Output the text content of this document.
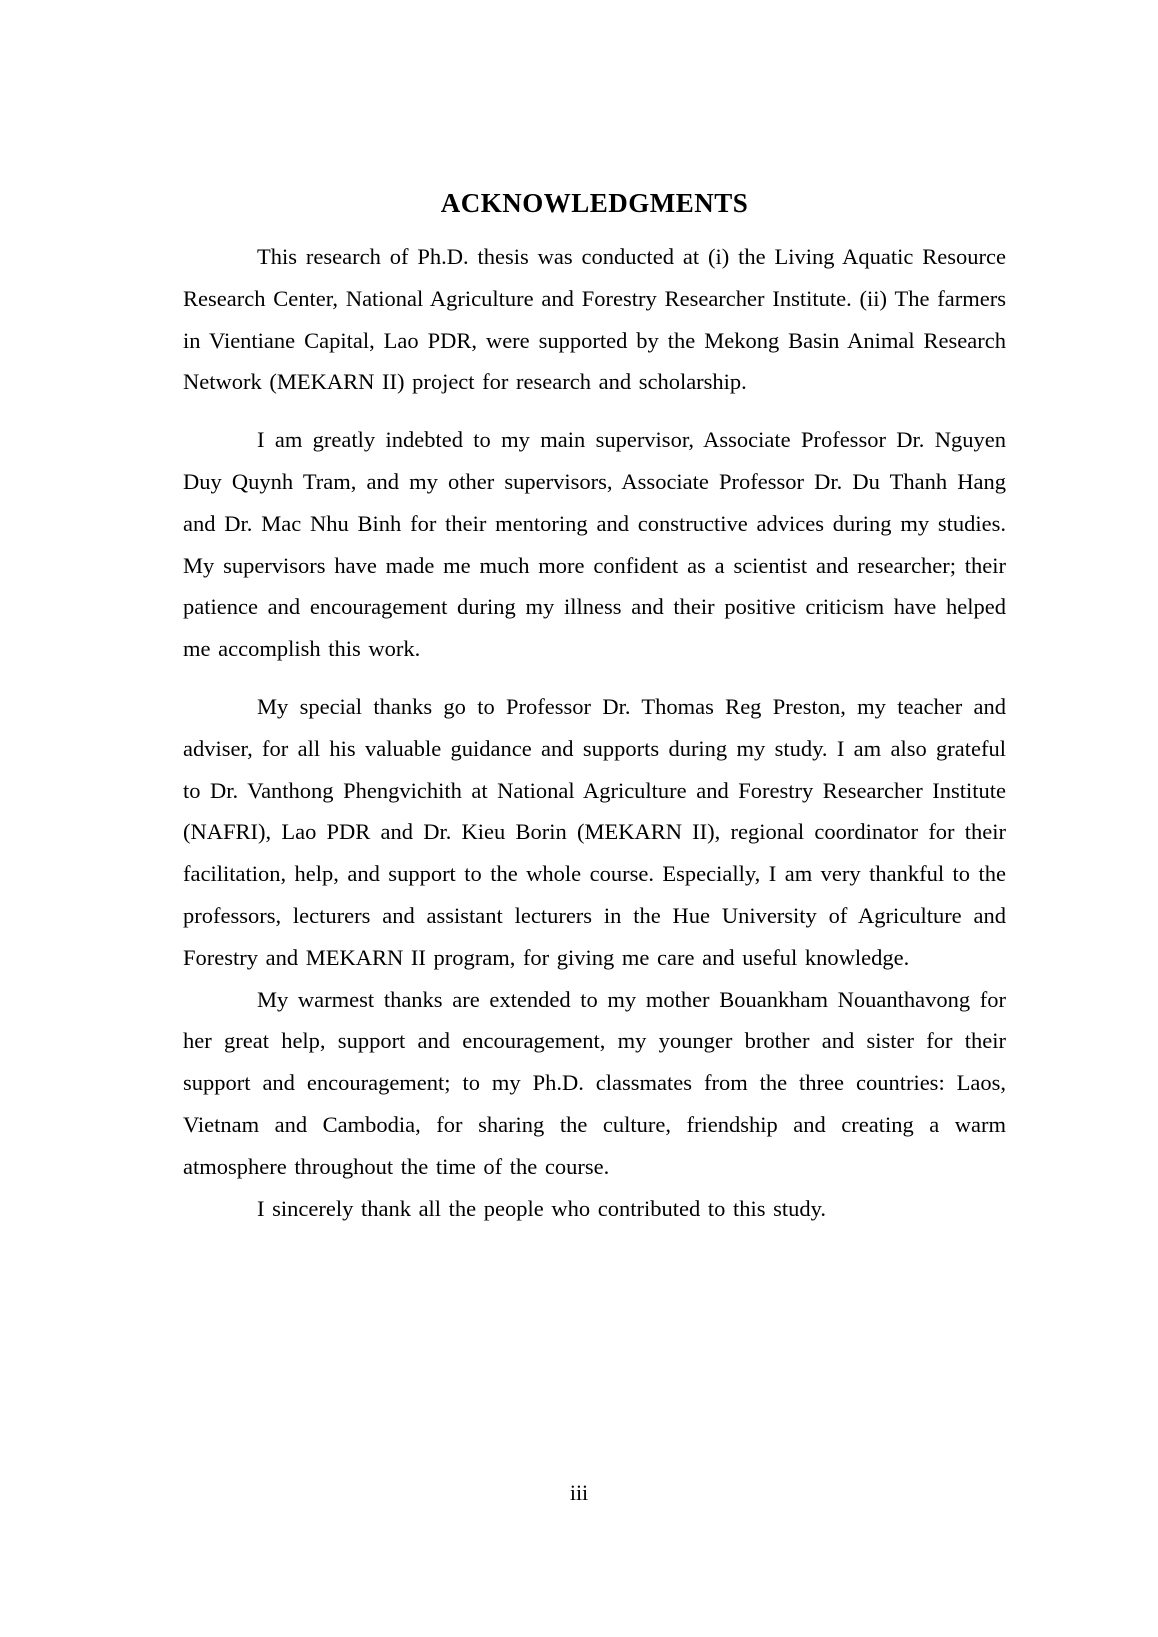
ACKNOWLEDGMENTS

This research of Ph.D. thesis was conducted at (i) the Living Aquatic Resource Research Center, National Agriculture and Forestry Researcher Institute. (ii) The farmers in Vientiane Capital, Lao PDR, were supported by the Mekong Basin Animal Research Network (MEKARN II) project for research and scholarship.

I am greatly indebted to my main supervisor, Associate Professor Dr. Nguyen Duy Quynh Tram, and my other supervisors, Associate Professor Dr. Du Thanh Hang and Dr. Mac Nhu Binh for their mentoring and constructive advices during my studies. My supervisors have made me much more confident as a scientist and researcher; their patience and encouragement during my illness and their positive criticism have helped me accomplish this work.

My special thanks go to Professor Dr. Thomas Reg Preston, my teacher and adviser, for all his valuable guidance and supports during my study. I am also grateful to Dr. Vanthong Phengvichith at National Agriculture and Forestry Researcher Institute (NAFRI), Lao PDR and Dr. Kieu Borin (MEKARN II), regional coordinator for their facilitation, help, and support to the whole course. Especially, I am very thankful to the professors, lecturers and assistant lecturers in the Hue University of Agriculture and Forestry and MEKARN II program, for giving me care and useful knowledge.

My warmest thanks are extended to my mother Bouankham Nouanthavong for her great help, support and encouragement, my younger brother and sister for their support and encouragement; to my Ph.D. classmates from the three countries: Laos, Vietnam and Cambodia, for sharing the culture, friendship and creating a warm atmosphere throughout the time of the course.

I sincerely thank all the people who contributed to this study.

iii
